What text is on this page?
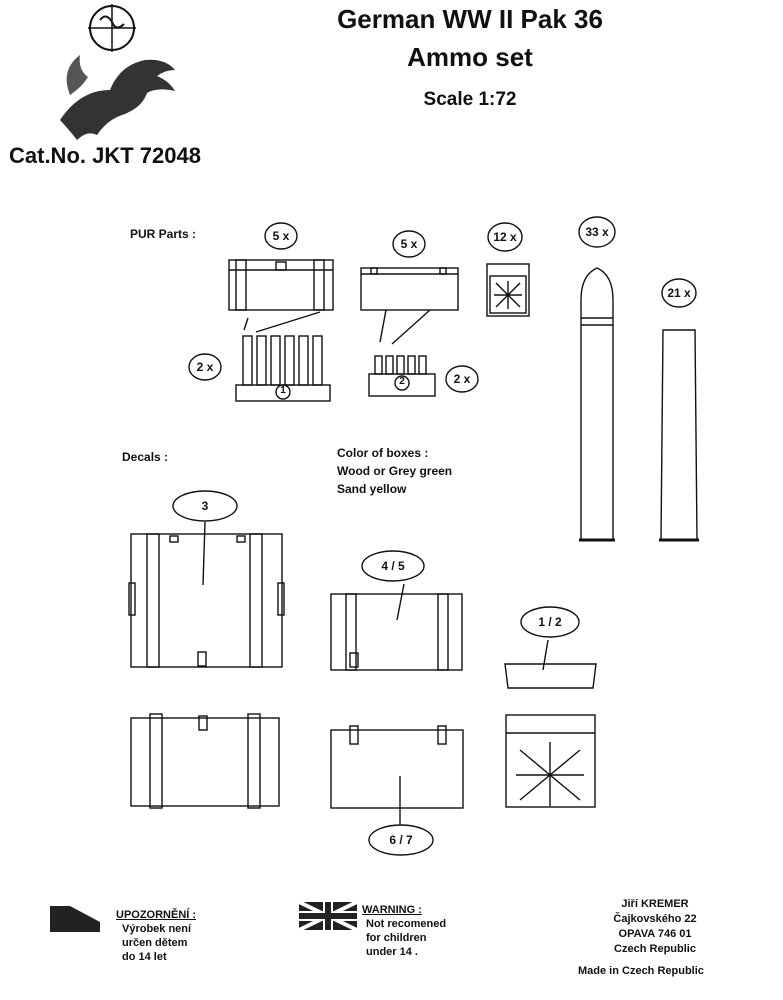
German WW II Pak 36
Ammo set
Scale 1:72
Cat.No. JKT 72048
PUR Parts :
Decals :
5 x
5 x	12 x	33 x
21 x
2 x
2 x
1
2
Color of boxes :
Wood or Grey green
Sand yellow
3
4 / 5
1 / 2
6 / 7
UPOZORNĚNÍ :
Výrobek není
určen dětem
do 14 let
WARNING :
Not recomened
for children
under 14 .
Jiří KREMER
Čajkovského 22
OPAVA 746 01
Czech Republic
Made in Czech Republic
